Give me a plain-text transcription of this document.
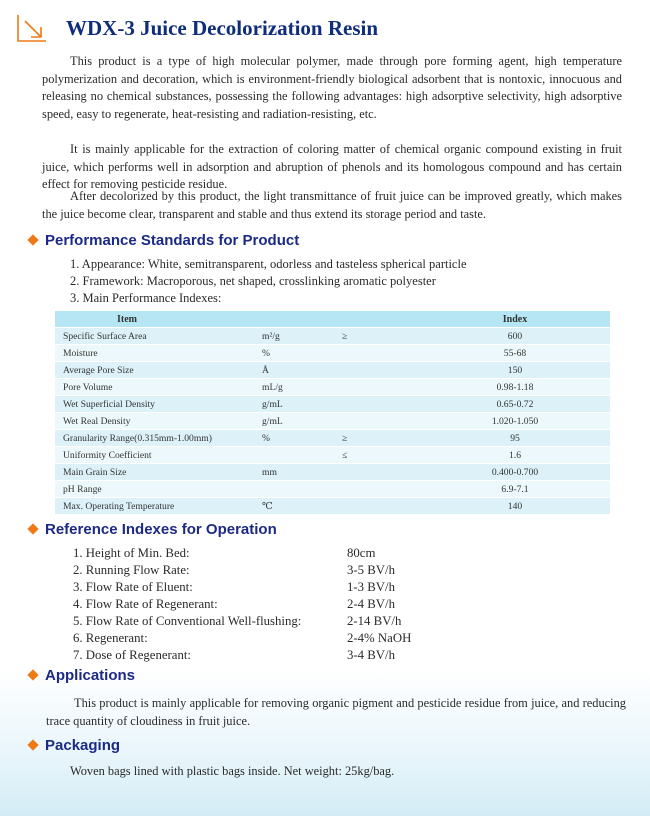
WDX-3 Juice Decolorization Resin

This product is a type of high molecular polymer, made through pore forming agent, high temperature polymerization and decoration, which is environment-friendly biological adsorbent that is nontoxic, innocuous and releasing no chemical substances, possessing the following advantages: high adsorptive selectivity, high adsorptive speed, easy to regenerate, heat-resisting and radiation-resisting, etc.

It is mainly applicable for the extraction of coloring matter of chemical organic compound existing in fruit juice, which performs well in adsorption and abruption of phenols and its homologous compound and has certain effect for removing pesticide residue.

After decolorized by this product, the light transmittance of fruit juice can be improved greatly, which makes the juice become clear, transparent and stable and thus extend its storage period and taste.

Performance Standards for Product
1. Appearance: White, semitransparent, odorless and tasteless spherical particle
2. Framework: Macroporous, net shaped, crosslinking aromatic polyester
3. Main Performance Indexes:
Item			Index
Specific Surface Area	m²/g	≥	600
Moisture	%		55-68
Average Pore Size	Å		150
Pore Volume	mL/g		0.98-1.18
Wet Superficial Density	g/mL		0.65-0.72
Wet Real Density	g/mL		1.020-1.050
Granularity Range(0.315mm-1.00mm)	%	≥	95
Uniformity Coefficient		≤	1.6
Main Grain Size	mm		0.400-0.700
pH Range			6.9-7.1
Max. Operating Temperature	℃		140
Reference Indexes for Operation
1. Height of Min. Bed:	80cm
2. Running Flow Rate:	3-5 BV/h
3. Flow Rate of Eluent:	1-3 BV/h
4. Flow Rate of Regenerant:	2-4 BV/h
5. Flow Rate of Conventional Well-flushing:	2-14 BV/h
6. Regenerant:	2-4% NaOH
7. Dose of Regenerant:	3-4 BV/h
Applications

This product is mainly applicable for removing organic pigment and pesticide residue from juice, and reducing trace quantity of cloudiness in fruit juice.

Packaging

Woven bags lined with plastic bags inside. Net weight: 25kg/bag.
